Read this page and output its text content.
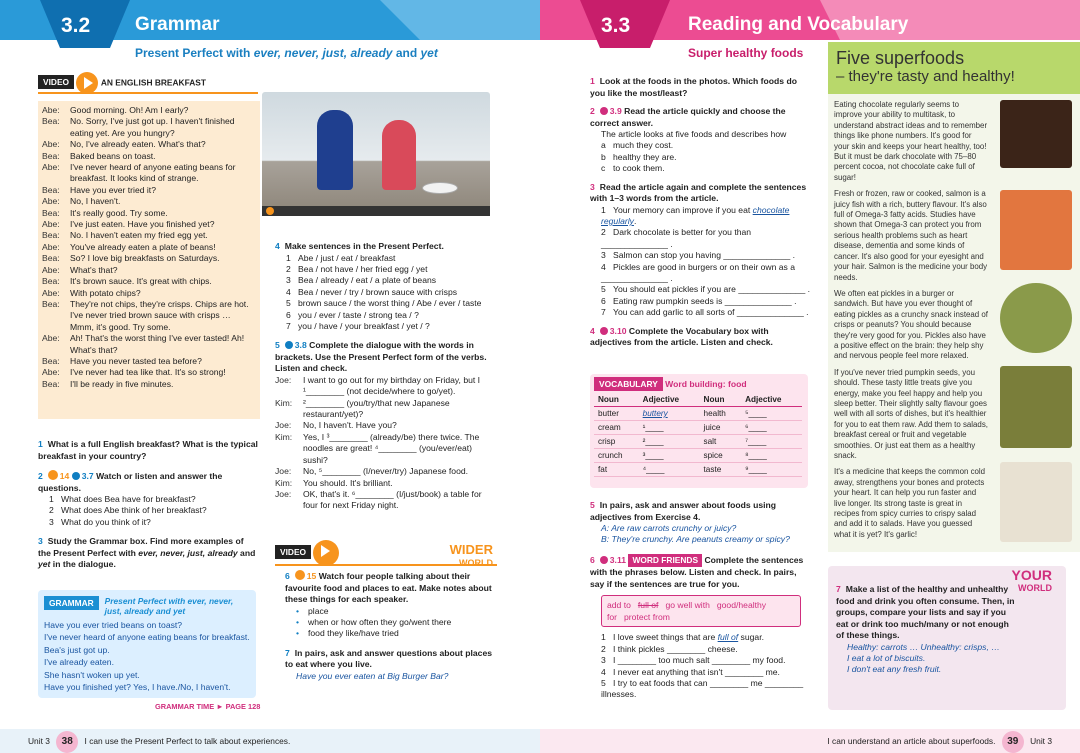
3.2	Grammar
Present Perfect with ever, never, just, already and yet
VIDEO	AN ENGLISH BREAKFAST
Abe:	Good morning. Oh! Am I early?
Bea:	No. Sorry, I've just got up. I haven't finished eating yet. Are you hungry?
Abe:	No, I've already eaten. What's that?
Bea:	Baked beans on toast.
Abe:	I've never heard of anyone eating beans for breakfast. It looks kind of strange.
Bea:	Have you ever tried it?
Abe:	No, I haven't.
Bea:	It's really good. Try some.
Abe:	I've just eaten. Have you finished yet?
Bea:	No. I haven't eaten my fried egg yet.
Abe:	You've already eaten a plate of beans!
Bea:	So? I love big breakfasts on Saturdays.
Abe:	What's that?
Bea:	It's brown sauce. It's great with chips.
Abe:	With potato chips?
Bea:	They're not chips, they're crisps. Chips are hot. I've never tried brown sauce with crisps … Mmm, it's good. Try some.
Abe:	Ah! That's the worst thing I've ever tasted! Ah! What's that?
Bea:	Have you never tasted tea before?
Abe:	I've never had tea like that. It's so strong!
Bea:	I'll be ready in five minutes.
1 What is a full English breakfast? What is the typical breakfast in your country?
2 14 3.7 Watch or listen and answer the questions.
1 What does Bea have for breakfast?
2 What does Abe think of her breakfast?
3 What do you think of it?
3 Study the Grammar box. Find more examples of the Present Perfect with ever, never, just, already and yet in the dialogue.
GRAMMAR	Present Perfect with ever, never, just, already and yet
Have you ever tried beans on toast?
I've never heard of anyone eating beans for breakfast.
Bea's just got up.
I've already eaten.
She hasn't woken up yet.
Have you finished yet? Yes, I have./No, I haven't.
GRAMMAR TIME ► PAGE 128
4 Make sentences in the Present Perfect.
1 Abe / just / eat / breakfast
2 Bea / not have / her fried egg / yet
3 Bea / already / eat / a plate of beans
4 Bea / never / try / brown sauce with crisps
5 brown sauce / the worst thing / Abe / ever / taste
6 you / ever / taste / strong tea / ?
7 you / have / your breakfast / yet / ?
5 3.8 Complete the dialogue with the words in brackets. Use the Present Perfect form of the verbs. Listen and check.
Joe:	I want to go out for my birthday on Friday, but I ¹________ (not decide/where to go/yet).
Kim:	²________ (you/try/that new Japanese restaurant/yet)?
Joe:	No, I haven't. Have you?
Kim:	Yes, I ³________ (already/be) there twice. The noodles are great! ⁴________ (you/ever/eat) sushi?
Joe:	No, ⁵________ (I/never/try) Japanese food.
Kim:	You should. It's brilliant.
Joe:	OK, that's it. ⁶________ (I/just/book) a table for four for next Friday night.
VIDEO	WIDER
WORLD
6 15 Watch four people talking about their favourite food and places to eat. Make notes about these things for each speaker.
• place
• when or how often they go/went there
• food they like/have tried
7 In pairs, ask and answer questions about places to eat where you live.
Have you ever eaten at Big Burger Bar?
Unit 3 38 I can use the Present Perfect to talk about experiences.
3.3	Reading and Vocabulary
Super healthy foods
1 Look at the foods in the photos. Which foods do you like the most/least?
2 3.9 Read the article quickly and choose the correct answer.
The article looks at five foods and describes how
a much they cost.
b healthy they are.
c to cook them.
3 Read the article again and complete the sentences with 1–3 words from the article.
1 Your memory can improve if you eat chocolate regularly.
2 Dark chocolate is better for you than ______________ .
3 Salmon can stop you having ______________ .
4 Pickles are good in burgers or on their own as a ______________ .
5 You should eat pickles if you are ______________ .
6 Eating raw pumpkin seeds is ______________ .
7 You can add garlic to all sorts of ______________ .
4 3.10 Complete the Vocabulary box with adjectives from the article. Listen and check.
VOCABULARY Word building: food
Noun	Adjective	Noun	Adjective
butter	buttery	health	⁵____
cream	¹____	juice	⁶____
crisp	²____	salt	⁷____
crunch	³____	spice	⁸____
fat	⁴____	taste	⁹____
5 In pairs, ask and answer about foods using adjectives from Exercise 4.
A: Are raw carrots crunchy or juicy?
B: They're crunchy. Are peanuts creamy or spicy?
6 3.11 WORD FRIENDS Complete the sentences with the phrases below. Listen and check. In pairs, say if the sentences are true for you.
add to full of go well with good/healthy for protect from
1 I love sweet things that are full of sugar.
2 I think pickles ________ cheese.
3 I ________ too much salt ________ my food.
4 I never eat anything that isn't ________ me.
5 I try to eat foods that can ________ me ________ illnesses.
Five superfoods
– they're tasty and healthy!
Eating chocolate regularly seems to improve your ability to multitask, to understand abstract ideas and to remember things like phone numbers. It's good for your skin and keeps your heart healthy, too! But it must be dark chocolate with 75–80 percent cocoa, not chocolate cake full of sugar!
Fresh or frozen, raw or cooked, salmon is a juicy fish with a rich, buttery flavour. It's also full of Omega-3 fatty acids. Studies have shown that Omega-3 can protect you from serious health problems such as heart disease, dementia and some kinds of cancer. It's also good for your eyesight and your hair. Salmon is the medicine your body needs.
We often eat pickles in a burger or sandwich. But have you ever thought of eating pickles as a crunchy snack instead of crisps or peanuts? You should because they're very good for you. Pickles also have a positive effect on the brain: they help shy and nervous people feel more relaxed.
If you've never tried pumpkin seeds, you should. These tasty little treats give you energy, make you feel happy and help you sleep better. Their slightly salty flavour goes well with all sorts of dishes, but it's healthier for you to eat them raw. Add them to salads, breakfast cereal or fruit and vegetable smoothies. Or just eat them as a healthy snack.
It's a medicine that keeps the common cold away, strengthens your bones and protects your heart. It can help you run faster and live longer. Its strong taste is great in recipes from spicy curries to crispy salad and add it to salads. Have you guessed what it is yet? It's garlic!
YOUR
WORLD
7 Make a list of the healthy and unhealthy food and drink you often consume. Then, in groups, compare your lists and say if you eat or drink too much/many or not enough of these things.
Healthy: carrots … Unhealthy: crisps, …
I eat a lot of biscuits.
I don't eat any fresh fruit.
I can understand an article about superfoods. 39 Unit 3
